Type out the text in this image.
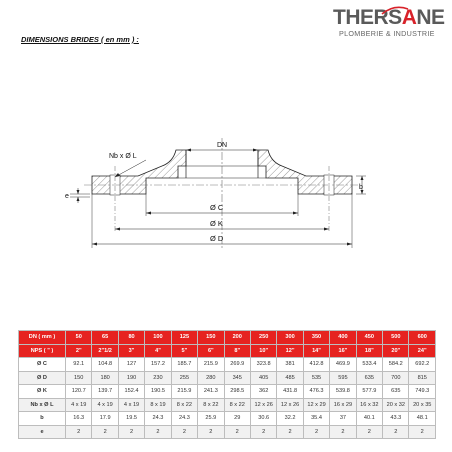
THERSANE
PLOMBERIE & INDUSTRIE
DIMENSIONS BRIDES ( en mm ) :
DN
Nb x Ø L
b
e
Ø C
Ø K
Ø D
DN ( mm )	50	65	80	100	125	150	200	250	300	350	400	450	500	600
NPS ( " )	2"	2"1/2	3"	4"	5"	6"	8"	10"	12"	14"	16"	18"	20"	24"
Ø C	92.1	104.8	127	157.2	185.7	215.9	269.9	323.8	381	412.8	469.9	533.4	584.2	692.2
Ø D	150	180	190	230	255	280	345	405	485	535	595	635	700	815
Ø K	120.7	139.7	152.4	190.5	215.9	241.3	298.5	362	431.8	476.3	539.8	577.9	635	749.3
Nb x Ø L	4 x 19	4 x 19	4 x 19	8 x 19	8 x 22	8 x 22	8 x 22	12 x 26	12 x 26	12 x 29	16 x 29	16 x 32	20 x 32	20 x 35
b	16.3	17.9	19.5	24.3	24.3	25.9	29	30.6	32.2	35.4	37	40.1	43.3	48.1
e	2	2	2	2	2	2	2	2	2	2	2	2	2	2
